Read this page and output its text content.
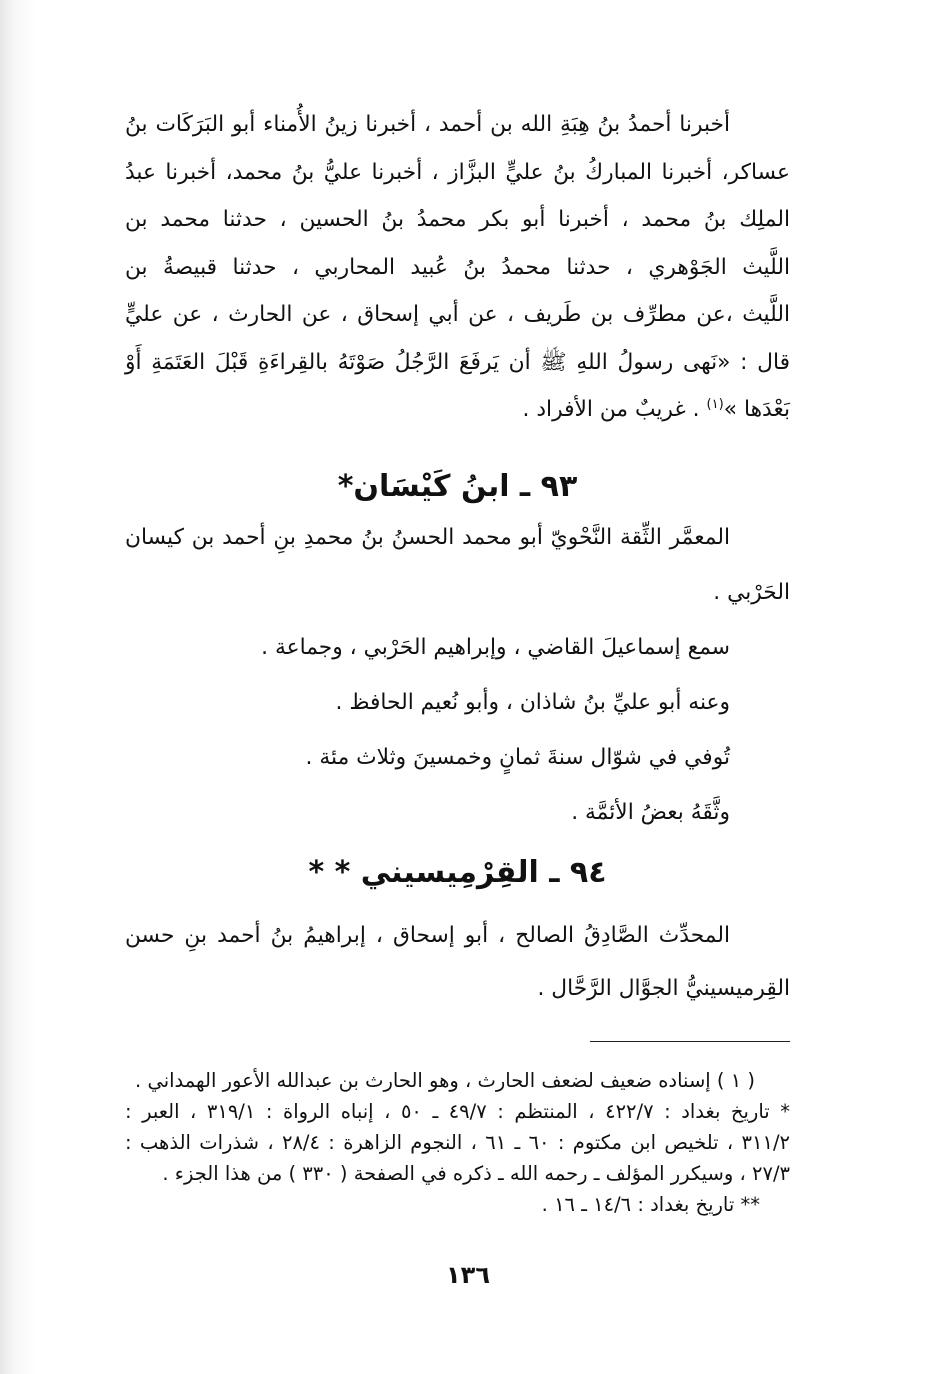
أخبرنا أحمدُ بنُ هِبَةِ الله بن أحمد ، أخبرنا زينُ الأُمناء أبو البَرَكَات بنُ
عساكر، أخبرنا المباركُ بنُ عليٍّ البزَّاز ، أخبرنا عليُّ بنُ محمد، أخبرنا عبدُ
الملِك بنُ محمد ، أخبرنا أبو بكر محمدُ بنُ الحسين ، حدثنا محمد بن
اللَّيث الجَوْهري ، حدثنا محمدُ بنُ عُبيد المحاربي ، حدثنا قبيصةُ بن
اللَّيث ،عن مطرِّف بن طَريف ، عن أبي إسحاق ، عن الحارث ، عن عليٍّ
قال : «نَهى رسولُ اللهِ ﷺ أن يَرفَعَ الرَّجُلُ صَوْتَهُ بالقِراءَةِ قَبْلَ العَتَمَةِ أَوْ
بَعْدَها »$^{(١)}$ . غريبٌ من الأفراد .
٩٣ ـ ابنُ كَيْسَان*
المعمَّر الثِّقة النَّحْويّ أبو محمد الحسنُ بنُ محمدِ بنِ أحمد بن كيسان
الحَرْبي .
سمع إسماعيلَ القاضي ، وإبراهيم الحَرْبي ، وجماعة .
وعنه أبو عليِّ بنُ شاذان ، وأبو نُعيم الحافظ .
تُوفي في شوّال سنةَ ثمانٍ وخمسينَ وثلاث مئة .
وثَّقَهُ بعضُ الأئمَّة .
٩٤ ـ القِرْمِيسيني * *
المحدِّث الصَّادِقُ الصالح ، أبو إسحاق ، إبراهيمُ بنُ أحمد بنِ حسن
القِرميسينيُّ الجوَّال الرَّحَّال .
( ١ ) إسناده ضعيف لضعف الحارث ، وهو الحارث بن عبدالله الأعور الهمداني .
* تاريخ بغداد : ٤٢٢/٧ ، المنتظم : ٤٩/٧ ـ ٥٠ ، إنباه الرواة : ٣١٩/١ ، العبر :
٣١١/٢ ، تلخيص ابن مكتوم : ٦٠ ـ ٦١ ، النجوم الزاهرة : ٢٨/٤ ، شذرات الذهب :
٢٧/٣ ، وسيكرر المؤلف ـ رحمه الله ـ ذكره في الصفحة ( ٣٣٠ ) من هذا الجزء .
** تاريخ بغداد : ١٤/٦ ـ ١٦ .
١٣٦
